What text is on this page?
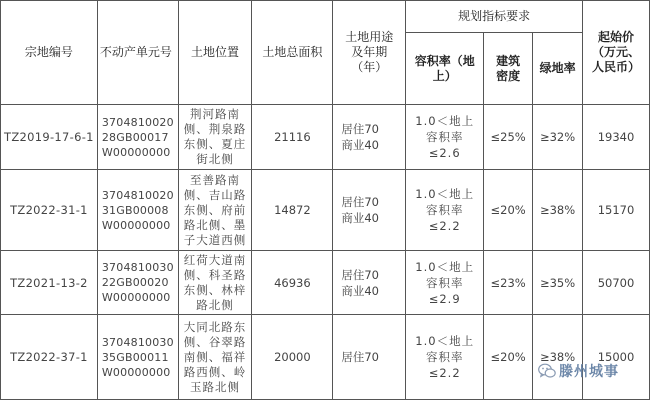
宗地编号	不动产单元号	土地位置	土地总面积	土地用途及年期（年）	规划指标要求			起始价（万元、人民币）
					容积率（地上）	建筑密度	绿地率	
TZ2019-17-6-1	370481002028GB00017W00000000	荆河路南侧、荆泉路东侧、夏庄街北侧	21116	居住70 商业40	1.0＜地上容积率≤2.6	≤25%	≥32%	19340
TZ2022-31-1	370481002031GB00008W00000000	至善路南侧、吉山路东侧、府前路北侧、墨子大道西侧	14872	居住70 商业40	1.0＜地上容积率≤2.2	≤20%	≥38%	15170
TZ2021-13-2	370481003022GB00020W00000000	红荷大道南侧、科圣路东侧、林梓路北侧	46936	居住70 商业40	1.0＜地上容积率≤2.9	≤23%	≥35%	50700
TZ2022-37-1	370481003035GB00011W00000000	大同北路东侧、谷翠路南侧、福祥路西侧、岭玉路北侧	20000	居住70	1.0＜地上容积率≤2.2	≤20%	≥38%	15000
滕州城事
